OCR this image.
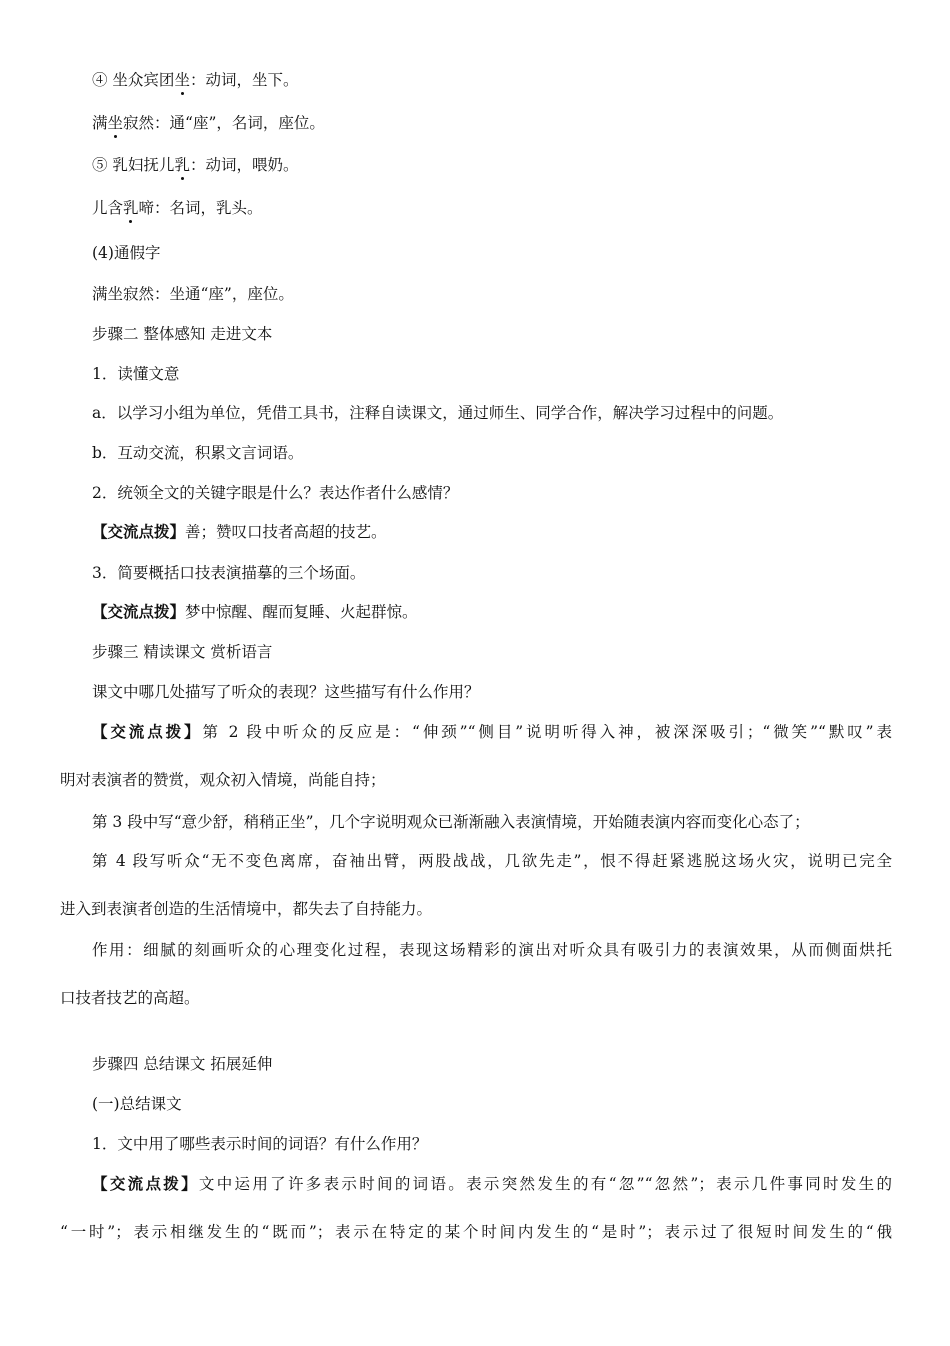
④ 坐众宾团坐：动词，坐下。
满坐寂然：通“座”，名词，座位。
⑤ 乳妇抚儿乳：动词，喂奶。
儿含乳啼：名词，乳头。
(4)通假字
满坐寂然：坐通“座”，座位。
步骤二 整体感知 走进文本
1．读懂文意
a．以学习小组为单位，凭借工具书，注释自读课文，通过师生、同学合作，解决学习过程中的问题。
b．互动交流，积累文言词语。
2．统领全文的关键字眼是什么？表达作者什么感情？
【交流点拨】善；赞叹口技者高超的技艺。
3．简要概括口技表演描摹的三个场面。
【交流点拨】梦中惊醒、醒而复睡、火起群惊。
步骤三 精读课文 赏析语言
课文中哪几处描写了听众的表现？这些描写有什么作用？
【交流点拨】第 2 段中听众的反应是：“伸颈”“侧目”说明听得入神，被深深吸引；“微笑”“默叹”表
明对表演者的赞赏，观众初入情境，尚能自持；
第 3 段中写“意少舒，稍稍正坐”，几个字说明观众已渐渐融入表演情境，开始随表演内容而变化心态了；
第 4 段写听众“无不变色离席，奋袖出臂，两股战战，几欲先走”，恨不得赶紧逃脱这场火灾，说明已完全
进入到表演者创造的生活情境中，都失去了自持能力。
作用：细腻的刻画听众的心理变化过程，表现这场精彩的演出对听众具有吸引力的表演效果，从而侧面烘托
口技者技艺的高超。
步骤四 总结课文 拓展延伸
(一)总结课文
1．文中用了哪些表示时间的词语？有什么作用？
【交流点拨】文中运用了许多表示时间的词语。表示突然发生的有“忽”“忽然”；表示几件事同时发生的
“一时”；表示相继发生的“既而”；表示在特定的某个时间内发生的“是时”；表示过了很短时间发生的“俄
